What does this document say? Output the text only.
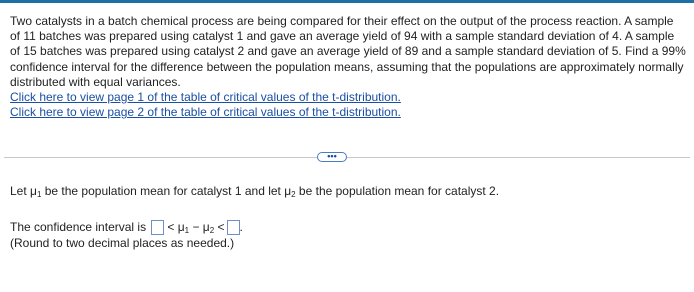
Two catalysts in a batch chemical process are being compared for their effect on the output of the process reaction. A sample of 11 batches was prepared using catalyst 1 and gave an average yield of 94 with a sample standard deviation of 4. A sample of 15 batches was prepared using catalyst 2 and gave an average yield of 89 and a sample standard deviation of 5. Find a 99% confidence interval for the difference between the population means, assuming that the populations are approximately normally distributed with equal variances.

Click here to view page 1 of the table of critical values of the t-distribution.
Click here to view page 2 of the table of critical values of the t-distribution.
•••
Let $\mu_1$ be the population mean for catalyst 1 and let $\mu_2$ be the population mean for catalyst 2.
The confidence interval is < $\mu_1 - \mu_2$ < .
(Round to two decimal places as needed.)
